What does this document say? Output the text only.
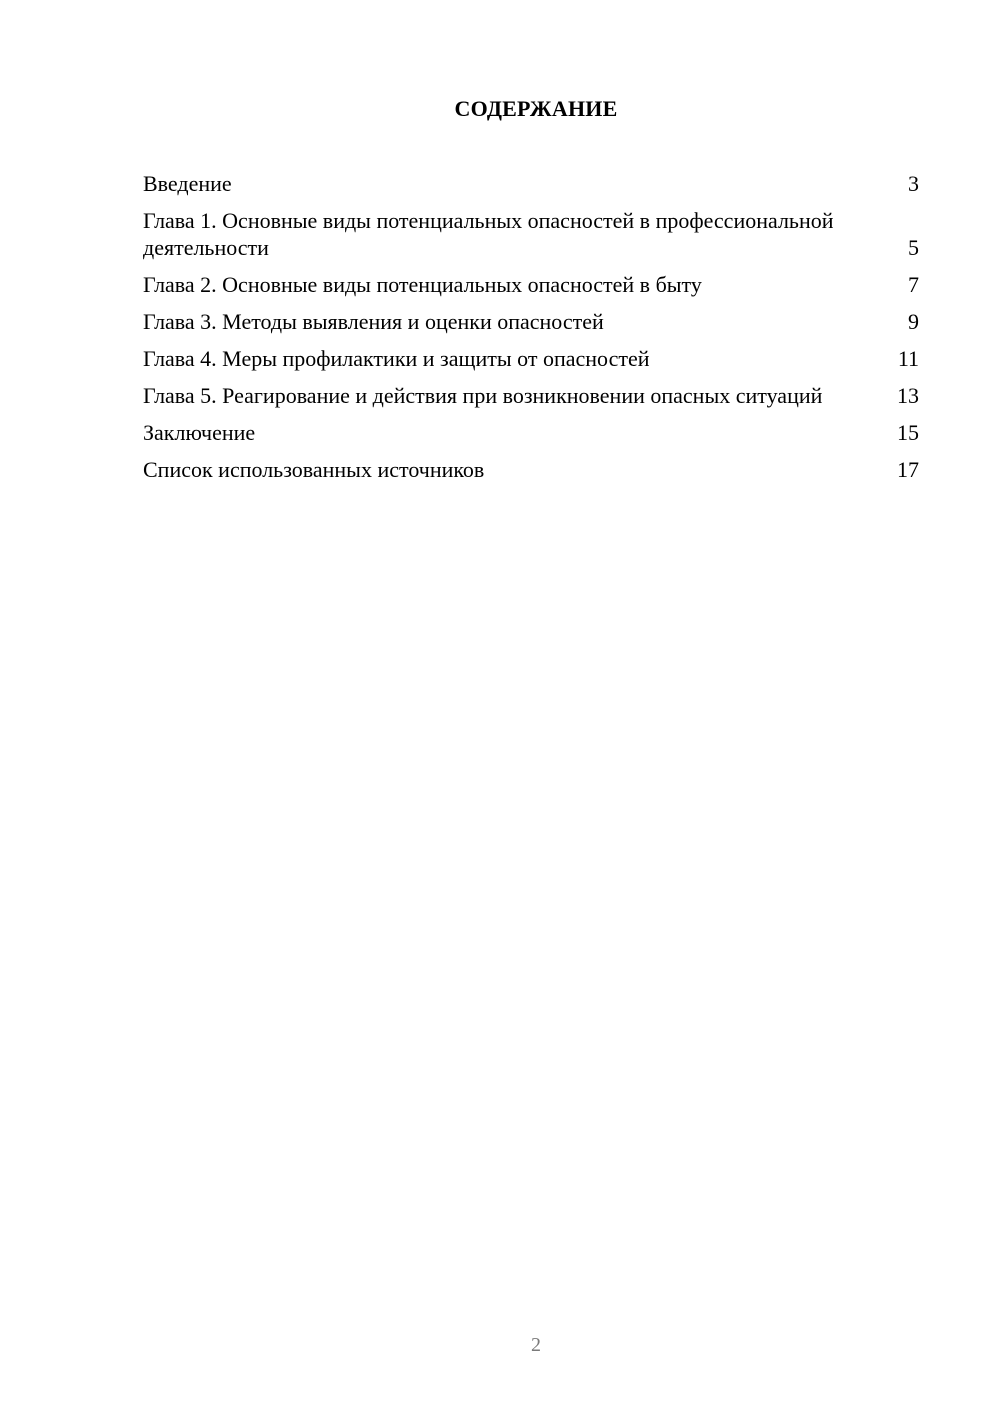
СОДЕРЖАНИЕ
Введение	3
Глава 1. Основные виды потенциальных опасностей в профессиональной деятельности	5
Глава 2. Основные виды потенциальных опасностей в быту	7
Глава 3. Методы выявления и оценки опасностей	9
Глава 4. Меры профилактики и защиты от опасностей	11
Глава 5. Реагирование и действия при возникновении опасных ситуаций	13
Заключение	15
Список использованных источников	17
2
